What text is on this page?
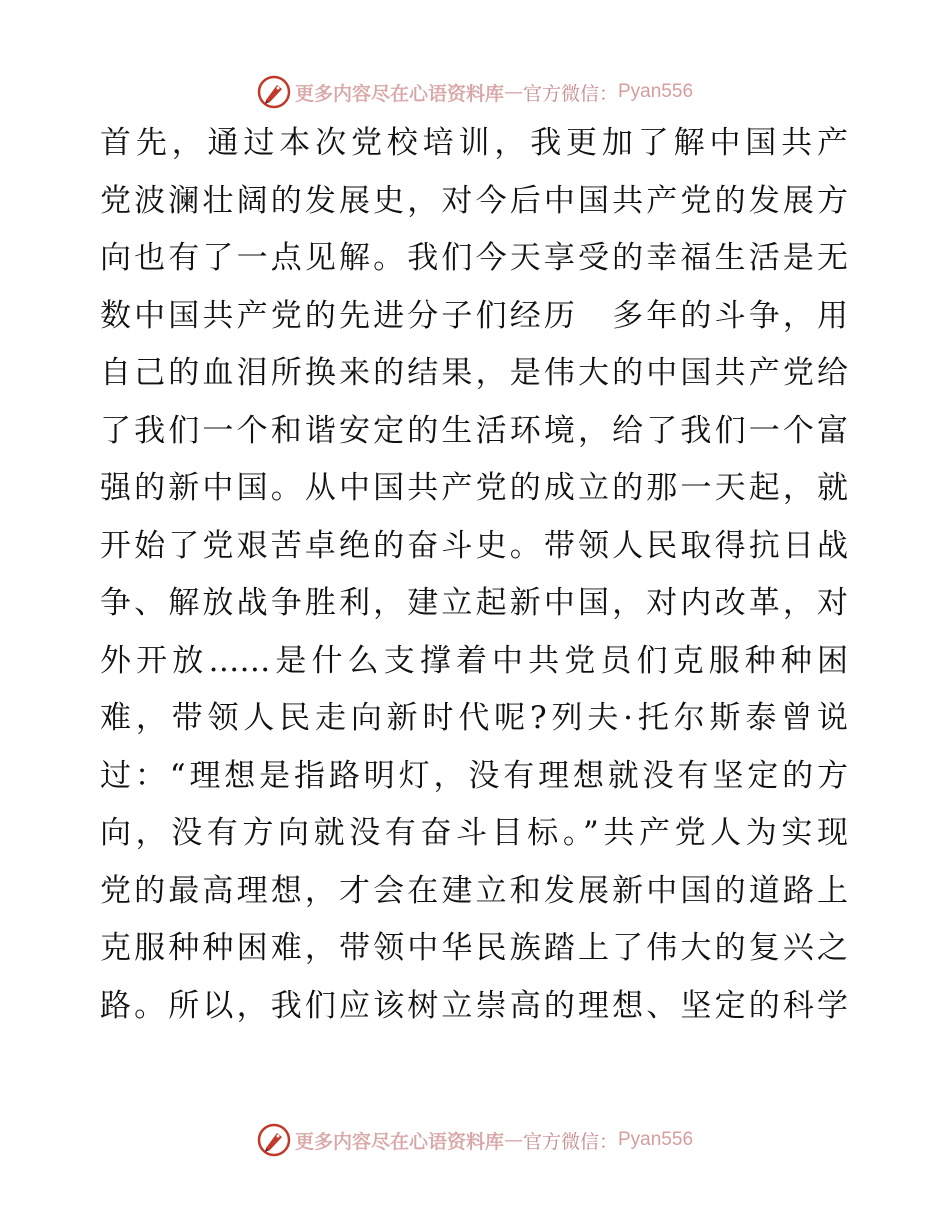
更多内容尽在心语资料库 — 官方微信： Pyan556
首先，通过本次党校培训，我更加了解中国共产
党波澜壮阔的发展史，对今后中国共产党的发展方
向也有了一点见解。我们今天享受的幸福生活是无
数中国共产党的先进分子们经历　多年的斗争，用
自己的血泪所换来的结果，是伟大的中国共产党给
了我们一个和谐安定的生活环境，给了我们一个富
强的新中国。从中国共产党的成立的那一天起，就
开始了党艰苦卓绝的奋斗史。带领人民取得抗日战
争、解放战争胜利，建立起新中国，对内改革，对
外开放……是什么支撑着中共党员们克服种种困
难，带领人民走向新时代呢?列夫·托尔斯泰曾说
过：“理想是指路明灯，没有理想就没有坚定的方
向，没有方向就没有奋斗目标。”共产党人为实现
党的最高理想，才会在建立和发展新中国的道路上
克服种种困难，带领中华民族踏上了伟大的复兴之
路。所以，我们应该树立崇高的理想、坚定的科学
更多内容尽在心语资料库 — 官方微信： Pyan556
